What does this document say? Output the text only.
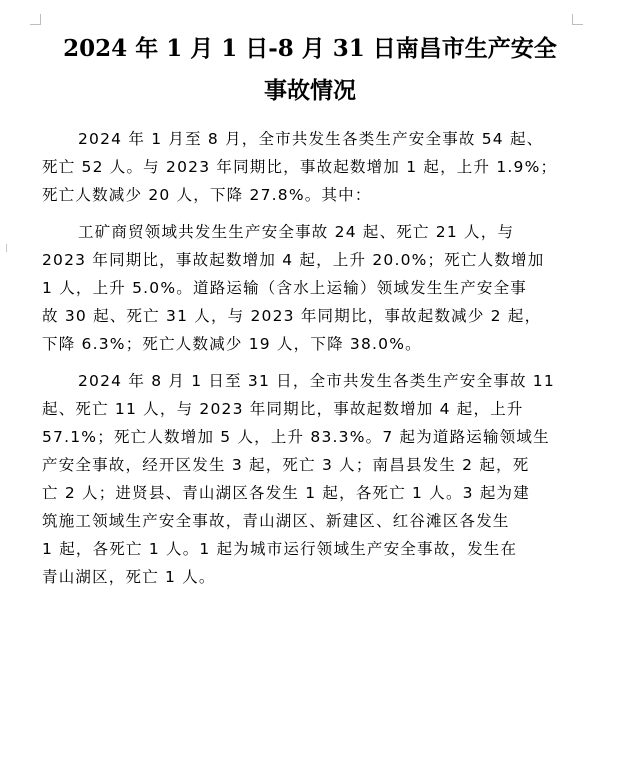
2024 年 1 月 1 日-8 月 31 日南昌市生产安全
事故情况

2024 年 1 月至 8 月，全市共发生各类生产安全事故 54 起、
死亡 52 人。与 2023 年同期比，事故起数增加 1 起，上升 1.9%；
死亡人数减少 20 人，下降 27.8%。其中：

工矿商贸领域共发生生产安全事故 24 起、死亡 21 人，与
2023 年同期比，事故起数增加 4 起，上升 20.0%；死亡人数增加
1 人，上升 5.0%。道路运输（含水上运输）领域发生生产安全事
故 30 起、死亡 31 人，与 2023 年同期比，事故起数减少 2 起，
下降 6.3%；死亡人数减少 19 人，下降 38.0%。

2024 年 8 月 1 日至 31 日，全市共发生各类生产安全事故 11
起、死亡 11 人，与 2023 年同期比，事故起数增加 4 起，上升
57.1%；死亡人数增加 5 人，上升 83.3%。7 起为道路运输领域生
产安全事故，经开区发生 3 起，死亡 3 人；南昌县发生 2 起，死
亡 2 人；进贤县、青山湖区各发生 1 起，各死亡 1 人。3 起为建
筑施工领域生产安全事故，青山湖区、新建区、红谷滩区各发生
1 起，各死亡 1 人。1 起为城市运行领域生产安全事故，发生在
青山湖区，死亡 1 人。
